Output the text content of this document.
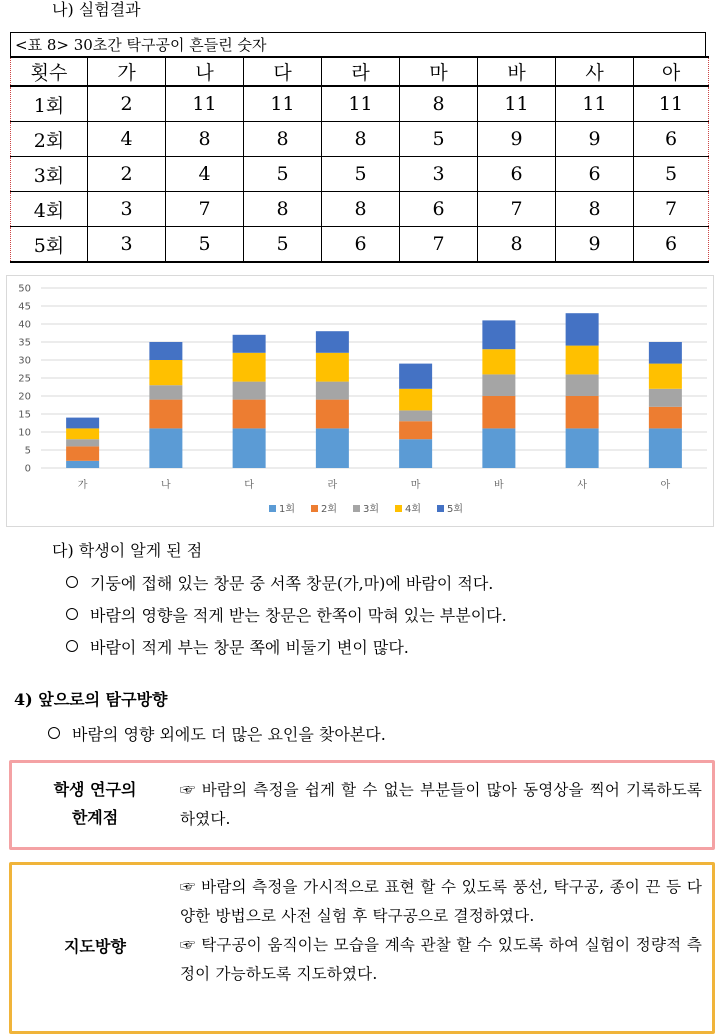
나) 실험결과
<표 8> 30초간 탁구공이 흔들린 숫자
횟수	가	나	다	라	마	바	사	아
1회	2	11	11	11	8	11	11	11
2회	4	8	8	8	5	9	9	6
3회	2	4	5	5	3	6	6	5
4회	3	7	8	8	6	7	8	7
5회	3	5	5	6	7	8	9	6
0
5
10
15
20
25
30
35
40
45
50
가	나	다	라	마	바	사	아
1회	2회	3회	4회	5회
다) 학생이 알게 된 점
기둥에 접해 있는 창문 중 서쪽 창문(가,마)에 바람이 적다.
바람의 영향을 적게 받는 창문은 한쪽이 막혀 있는 부분이다.
바람이 적게 부는 창문 쪽에 비둘기 변이 많다.
4) 앞으로의 탐구방향
바람의 영향 외에도 더 많은 요인을 찾아본다.
학생 연구의
한계점
☞ 바람의 측정을 쉽게 할 수 없는 부분들이 많아 동영상을 찍어 기록하도록 하였다.
지도방향
☞ 바람의 측정을 가시적으로 표현 할 수 있도록 풍선, 탁구공, 종이 끈 등 다양한 방법으로 사전 실험 후 탁구공으로 결정하였다.
☞ 탁구공이 움직이는 모습을 계속 관찰 할 수 있도록 하여 실험이 정량적 측정이 가능하도록 지도하였다.
